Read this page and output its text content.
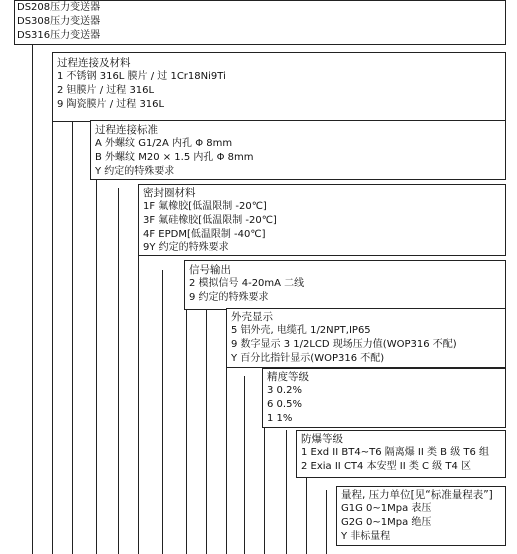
DS208压力变送器
DS308压力变送器
DS316压力变送器
过程连接及材料
1 不锈钢 316L 膜片 / 过 1Cr18Ni9Ti
2 钽膜片 / 过程 316L
9 陶瓷膜片 / 过程 316L
过程连接标准
A 外螺纹 G1/2A 内孔 Φ 8mm
B 外螺纹 M20 × 1.5 内孔 Φ 8mm
Y 约定的特殊要求
密封圈材料
1F 氟橡胶[低温限制 -20℃]
3F 氟硅橡胶[低温限制 -20℃]
4F EPDM[低温限制 -40℃]
9Y 约定的特殊要求
信号输出
2 模拟信号 4-20mA 二线
9 约定的特殊要求
外壳显示
5 铝外壳, 电缆孔 1/2NPT,IP65
9 数字显示 3 1/2LCD 现场压力值(WOP316 不配)
Y 百分比指针显示(WOP316 不配)
精度等级
3 0.2%
6 0.5%
1 1%
防爆等级
1 Exd II BT4~T6 隔离爆 II 类 B 级 T6 组
2 Exia II CT4 本安型 II 类 C 级 T4 区
量程, 压力单位[见“标准量程表”]
G1G 0~1Mpa 表压
G2G 0~1Mpa 绝压
Y 非标量程
